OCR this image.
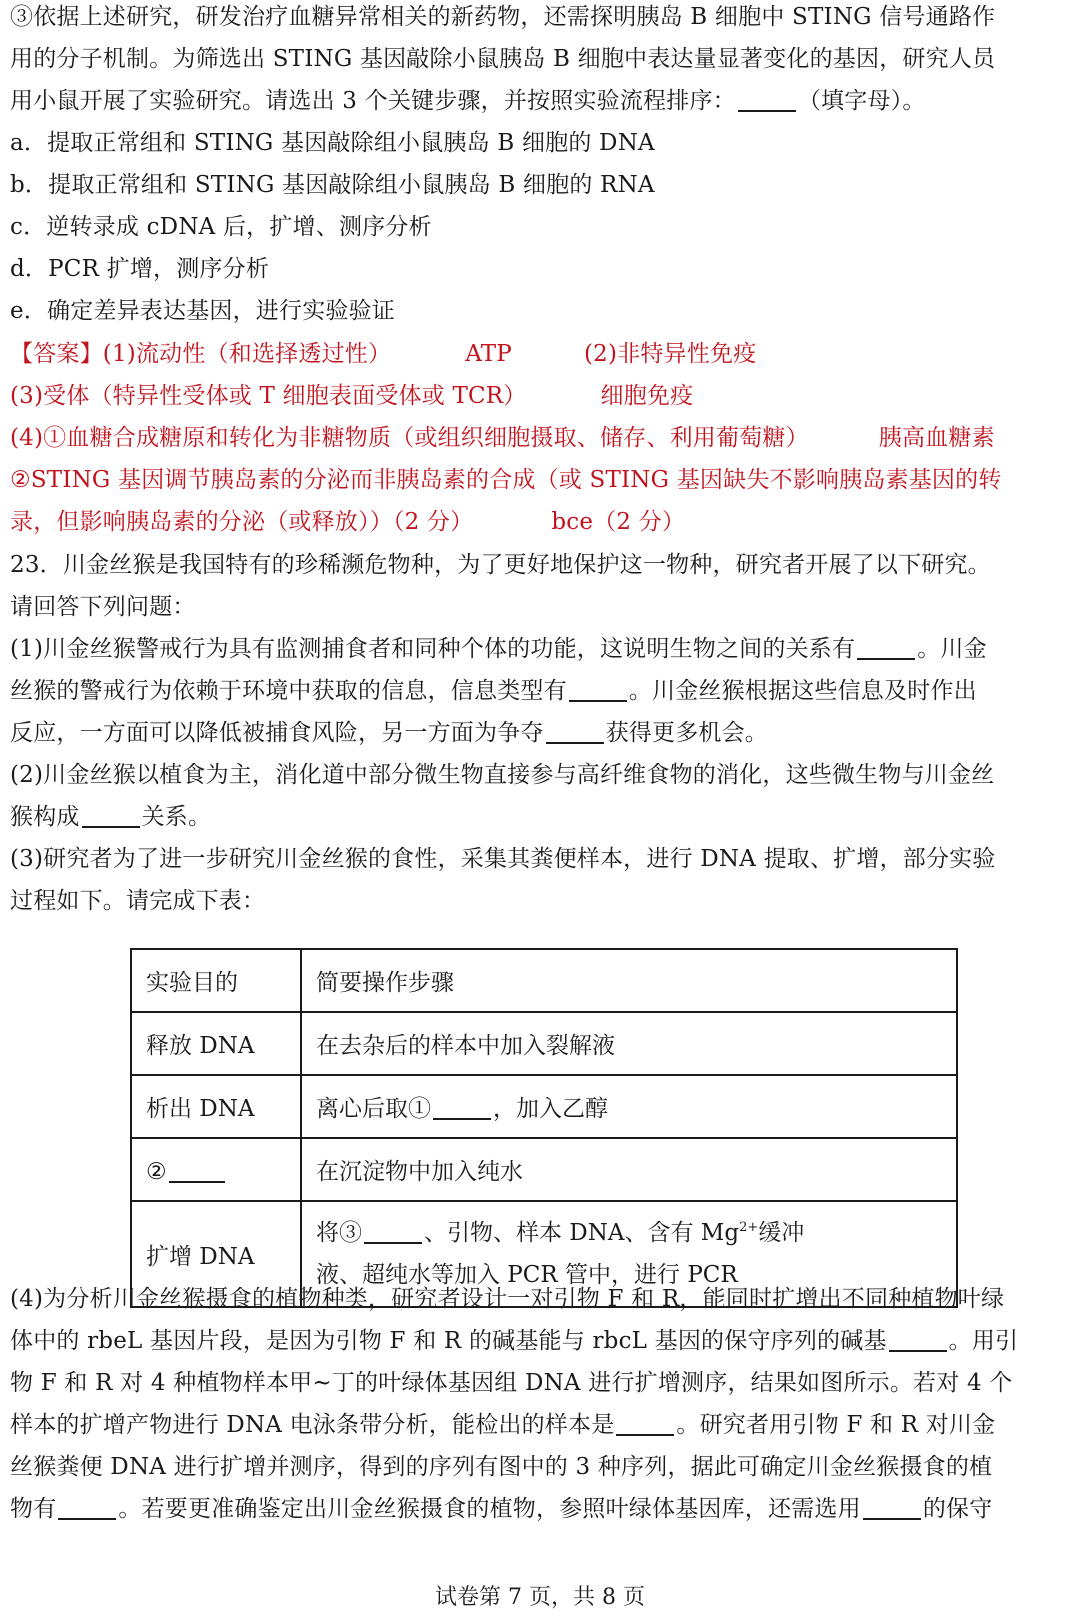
③依据上述研究，研发治疗血糖异常相关的新药物，还需探明胰岛 B 细胞中 STING 信号通路作
用的分子机制。为筛选出 STING 基因敲除小鼠胰岛 B 细胞中表达量显著变化的基因，研究人员
用小鼠开展了实验研究。请选出 3 个关键步骤，并按照实验流程排序：	（填字母）。
a．提取正常组和 STING 基因敲除组小鼠胰岛 B 细胞的 DNA
b．提取正常组和 STING 基因敲除组小鼠胰岛 B 细胞的 RNA
c．逆转录成 cDNA 后，扩增、测序分析
d．PCR 扩增，测序分析
e．确定差异表达基因，进行实验验证
【答案】(1)流动性（和选择透过性）	ATP	(2)非特异性免疫
(3)受体（特异性受体或 T 细胞表面受体或 TCR）	细胞免疫
(4)①血糖合成糖原和转化为非糖物质（或组织细胞摄取、储存、利用葡萄糖）	胰高血糖素
②STING 基因调节胰岛素的分泌而非胰岛素的合成（或 STING 基因缺失不影响胰岛素基因的转
录，但影响胰岛素的分泌（或释放））（2 分）	bce（2 分）
23．川金丝猴是我国特有的珍稀濒危物种，为了更好地保护这一物种，研究者开展了以下研究。
请回答下列问题：
(1)川金丝猴警戒行为具有监测捕食者和同种个体的功能，这说明生物之间的关系有	。川金
丝猴的警戒行为依赖于环境中获取的信息，信息类型有	。川金丝猴根据这些信息及时作出
反应，一方面可以降低被捕食风险，另一方面为争夺	获得更多机会。
(2)川金丝猴以植食为主，消化道中部分微生物直接参与高纤维食物的消化，这些微生物与川金丝
猴构成	关系。
(3)研究者为了进一步研究川金丝猴的食性，采集其粪便样本，进行 DNA 提取、扩增，部分实验
过程如下。请完成下表：
实验目的	简要操作步骤
释放 DNA	在去杂后的样本中加入裂解液
析出 DNA	离心后取① ，加入乙醇
②	在沉淀物中加入纯水
扩增 DNA	将③ 、引物、样本 DNA、含有 $Mg^{2+}$缓冲
液、超纯水等加入 PCR 管中，进行 PCR
(4)为分析川金丝猴摄食的植物种类，研究者设计一对引物 F 和 R，能同时扩增出不同种植物叶绿
体中的 rbeL 基因片段，是因为引物 F 和 R 的碱基能与 rbcL 基因的保守序列的碱基	。用引
物 F 和 R 对 4 种植物样本甲~丁的叶绿体基因组 DNA 进行扩增测序，结果如图所示。若对 4 个
样本的扩增产物进行 DNA 电泳条带分析，能检出的样本是	。研究者用引物 F 和 R 对川金
丝猴粪便 DNA 进行扩增并测序，得到的序列有图中的 3 种序列，据此可确定川金丝猴摄食的植
物有	。若要更准确鉴定出川金丝猴摄食的植物，参照叶绿体基因库，还需选用	的保守
试卷第 7 页，共 8 页
